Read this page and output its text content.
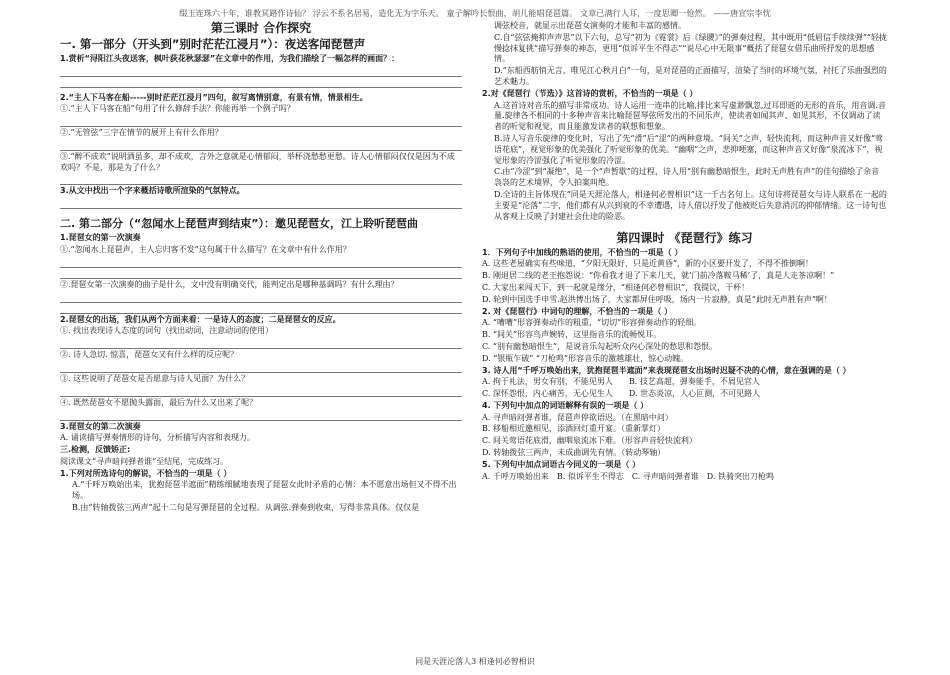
缀玉连珠六十年，谁教冥路作诗仙？ 浮云不系名居易，造化无为字乐天。 童子解吟长恨曲，胡儿能唱琵琶篇。 文章已满行人耳，一度思卿一怆然。 ——唐宣宗李忱
第三课时 合作探究
一. 第一部分（开头到”别时茫茫江浸月”）：夜送客闻琵琶声
1.赏析“浔阳江头夜送客，枫叶荻花秋瑟瑟”在文章中的作用，为我们描绘了一幅怎样的画面？：
2.“主人下马客在船-----别时茫茫江浸月”四句，叙写离情别意，有景有情，情景相生。
①.“主人下马客在船”句用了什么修辞手法？你能再举一个例子吗？
②.“无管弦”三字在情节的展开上有什么作用？
③.“醉不成欢”说明酒虽多，却不成欢，言外之意就是心情郁闷，举杯浇愁愁更愁。诗人心情郁闷仅仅是因为不成欢吗？不是，那是为了什么？
3.从文中找出一个字来概括诗歌所渲染的气氛特点。
二. 第二部分（“忽闻水上琵琶声到结束”）：邀见琵琶女，江上聆听琵琶曲
1.琵琶女的第一次演奏
①.“忽闻水上琵琶声，主人忘归客不发”这句属于什么描写？在文章中有什么作用？
②.琵琶女第一次演奏的曲子是什么，文中没有明确交代，能判定出是哪种基调吗？有什么理由？
2.琵琶女的出场，我们从两个方面来看：一是诗人的态度；二是琵琶女的反应。
①. 找出表现诗人态度的词句（找出动词，注意动词的使用）
②. 诗人急切. 惊喜，琵琶女又有什么样的反应呢？
③. 这些说明了琵琶女是否愿意与诗人见面？为什么？
④. 既然琵琶女不愿抛头露面，最后为什么又出来了呢？
3.琵琶女的第二次演奏
A. 诵读描写弹奏情形的诗句，分析描写内容和表现力。
三.检测，反馈矫正:
阅读课文“寻声暗问弹者谁”至结尾，完成练习。
1.下列对所选诗句的解说，不恰当的一项是（ ）
A.“千呼万唤始出来，犹抱琵琶半遮面”精练细腻地表现了琵琶女此时矛盾的心情：本不愿意出场但又不得不出场。
B.由“转轴拨弦三两声”起十二句是写弹琵琶的全过程。从调弦.弹奏到收束，写得非常具体。仅仅是
调弦校音，就显示出琵琶女演奏的才能和丰富的感情。
C.自“弦弦掩抑声声思”以下六句，总写“初为《霓裳》后《绿腰》”的弹奏过程，其中既用“低眉信手续续弹”“轻拢慢捻抹复挑”描写弹奏的神态，更用“似诉平生不得志”“说尽心中无限事”概括了琵琶女借乐曲所抒发的思想感情。
D.“东船西舫悄无言，唯见江心秋月白”一句，是对琵琶的正面描写，渲染了当时的环境气氛，衬托了乐曲强烈的艺术魅力。
2.对《琵琶行（节选）》这首诗的赏析，不恰当的一项是（ ）
A.这首诗对音乐的描写非常成功。诗人运用一连串的比喻,排比来写虚渺飘忽,过耳即逝的无形的音乐，用音调.音量.旋律各不相同的十多种声音来比喻琵琶琴弦所发出的不同乐声，使读者如闻其声、如见其形，不仅调动了读者的听觉和视觉，而且能激发读者的联想和想象。
B.诗人写音乐旋律的变化时，写出了先“滑”后“涩”的两种意境。“间关”之声，轻快流利，而这种声音又好像“莺语花底”，视觉形象的优美强化了听觉形象的优美。“幽咽”之声，悲抑哽塞，而这种声音又好像“泉流冰下”，视觉形象的冷涩强化了听觉形象的冷涩。
C.由“冷涩”到“凝绝”，是一个“声暂歇”的过程，诗人用“别有幽愁暗恨生，此时无声胜有声”的佳句描绘了余音袅袅的艺术境界，令人拍案叫绝。
D.全诗的主旨体现在“同是天涯沦落人，相逢何必曾相识”这一千古名句上。这句诗将琵琶女与诗人联系在一起的主要是“沦落”二字，他们都有从兴到衰的不幸遭遇，诗人借以抒发了他被贬后失意消沉的抑郁情绪。这一诗句也从客观上反映了封建社会仕途的险恶。
第四课时 《琵琶行》练习
1．下列句子中加线的熟语的使用，不恰当的一项是（ ）
A. 这些老屋确实有些味道，“夕阳无限好，只是近黄昏”，新的小区要开发了，不得不推倒啊！
B. 刚退居二线的老王抱怨说：“你看我才退了下来几天，就‘门前冷落鞍马稀’了，真是人走茶凉啊！”
C. 大家出来闯天下，到一起就是缘分，“相逢何必曾相识”，我提议，干杯！
D. 轮到中国选手申雪.赵洪博出场了，大家都屏住呼吸，场内一片寂静，真是“此时无声胜有声”啊！
2. 对《琵琶行》中词句的理解，不恰当的一项是（ ）
A. “嘈嘈”形容弹奏动作的粗重，“切切”形容弹奏动作的轻细。
B. “间关”形容鸟声婉转，这里指音乐的流畅悦耳。
C. “别有幽愁暗恨生”，是说音乐勾起听众内心深处的愁思和怨恨。
D. “银瓶乍破” “刀枪鸣”形容音乐的激越雄壮，惊心动魄。
3. 诗人用“千呼万唤始出来，犹抱琵琶半遮面”来表现琵琶女出场时迟疑不决的心情，意在强调的是（ ）
A. 拘于礼法，男女有别，不能见男人　　B. 技艺高超，弹奏能手，不屑见官人
C. 深怀怨恨，内心痛苦，无心见生人　　D. 世态炎凉，人心叵测，不可见路人
4. 下列句中加点的词语解释有误的一项是（ ）
A. 寻声暗问弹者谁，琵琶声停欲语迟。（在黑暗中问）
B. 移船相近邀相见，添酒回灯重开宴。（重新掌灯）
C. 间关莺语花底滑，幽咽泉流冰下难。（形容声音轻快流利）
D. 转轴拨弦三两声，未成曲调先有情。（转动琴轴）
5. 下列句中加点词语古今同义的一项是（ ）
A. 千呼万唤始出来　B. 似诉平生不得志　C. 寻声暗问弹者谁　D. 铁骑突出刀枪鸣
同是天涯沦落人3 相逢何必曾相识
